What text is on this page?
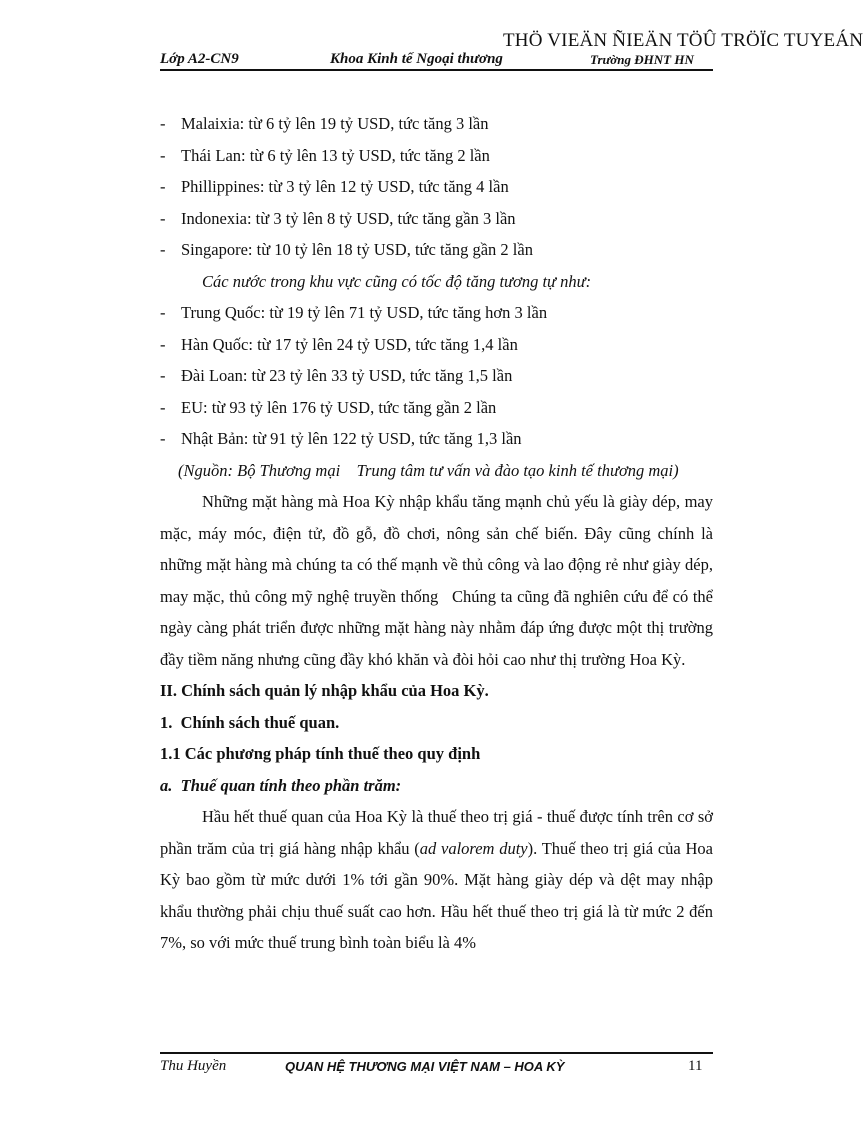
THÖ VIEÄN ÑIEÄN TÖÛ TRÖÏC TUYEÁN
Lớp A2-CN9	Khoa Kinh tế Ngoại thương	Trường ĐHNT HN
- Malaixia: từ 6 tỷ lên 19 tỷ USD, tức tăng 3 lần
- Thái Lan: từ 6 tỷ lên 13 tỷ USD, tức tăng 2 lần
- Phillippines: từ 3 tỷ lên 12 tỷ USD, tức tăng 4 lần
- Indonexia: từ 3 tỷ lên 8 tỷ USD, tức tăng gần 3 lần
- Singapore: từ 10 tỷ lên 18 tỷ USD, tức tăng gần 2 lần
Các nước trong khu vực cũng có tốc độ tăng tương tự như:
- Trung Quốc: từ 19 tỷ lên 71 tỷ USD, tức tăng hơn 3 lần
- Hàn Quốc: từ 17 tỷ lên 24 tỷ USD, tức tăng 1,4 lần
- Đài Loan: từ 23 tỷ lên 33 tỷ USD, tức tăng 1,5 lần
- EU: từ 93 tỷ lên 176 tỷ USD, tức tăng gần 2 lần
- Nhật Bản: từ 91 tỷ lên 122 tỷ USD, tức tăng 1,3 lần
(Nguồn: Bộ Thương mại    Trung tâm tư vấn và đào tạo kinh tế thương mại)

Những mặt hàng mà Hoa Kỳ nhập khẩu tăng mạnh chủ yếu là giày dép, may mặc, máy móc, điện tử, đồ gỗ, đồ chơi, nông sản chế biến. Đây cũng chính là những mặt hàng mà chúng ta có thế mạnh về thủ công và lao động rẻ như giày dép, may mặc, thủ công mỹ nghệ truyền thống   Chúng ta cũng đã nghiên cứu để có thể ngày càng phát triển được những mặt hàng này nhằm đáp ứng được một thị trường đầy tiềm năng nhưng cũng đầy khó khăn và đòi hỏi cao như thị trường Hoa Kỳ.

II. Chính sách quản lý nhập khẩu của Hoa Kỳ.
1.  Chính sách thuế quan.
1.1 Các phương pháp tính thuế theo quy định
a.  Thuế quan tính theo phần trăm:

Hầu hết thuế quan của Hoa Kỳ là thuế theo trị giá - thuế được tính trên cơ sở phần trăm của trị giá hàng nhập khẩu (ad valorem duty). Thuế theo trị giá của Hoa Kỳ bao gồm từ mức dưới 1% tới gần 90%. Mặt hàng giày dép và dệt may nhập khẩu thường phải chịu thuế suất cao hơn. Hầu hết thuế theo trị giá là từ mức 2 đến 7%, so với mức thuế trung bình toàn biểu là 4%

Thu Huyền	QUAN HỆ THƯƠNG MẠI VIỆT NAM – HOA KỲ	11
